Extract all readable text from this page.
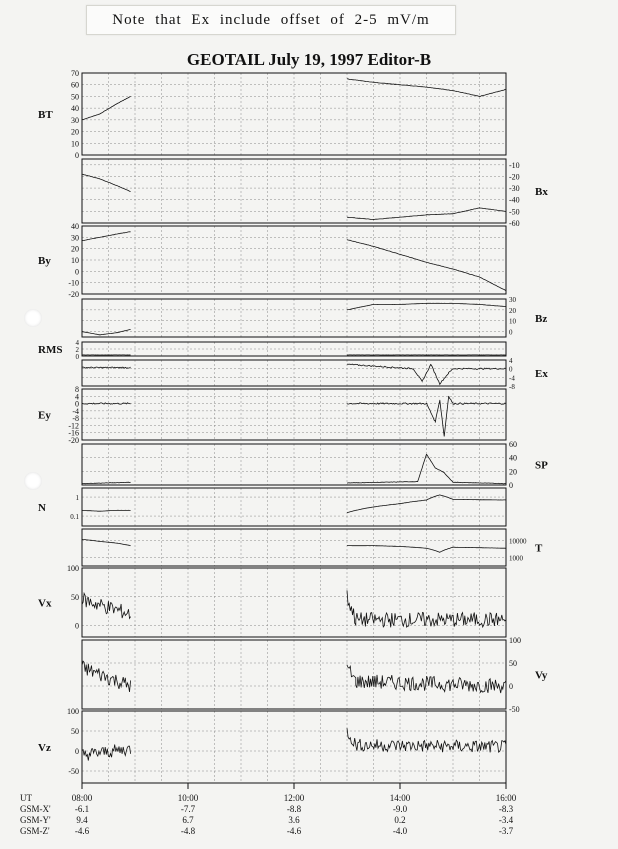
Note that Ex include offset of 2-5 mV/m
GEOTAIL July 19, 1997 Editor-B
0
10
20
30
40
50
60
70
BT
-10
-20
-30
-40
-50
-60
Bx
40
30
20
10
0
-10
-20
By
30
20
10
0
Bz
4
2
0
RMS
4
0
-4
-8
Ex
8
4
0
-4
-8
-12
-16
-20
Ey
60
40
20
0
SP
1
0.1
N
10000
1000
T
100
50
0
Vx
100
50
0
-50
Vy
100
50
0
-50
Vz
UT	08:00	10:00	12:00	14:00	16:00
GSM-X'	-6.1	-7.7	-8.8	-9.0	-8.3
GSM-Y'	9.4	6.7	3.6	0.2	-3.4
GSM-Z'	-4.6	-4.8	-4.6	-4.0	-3.7
